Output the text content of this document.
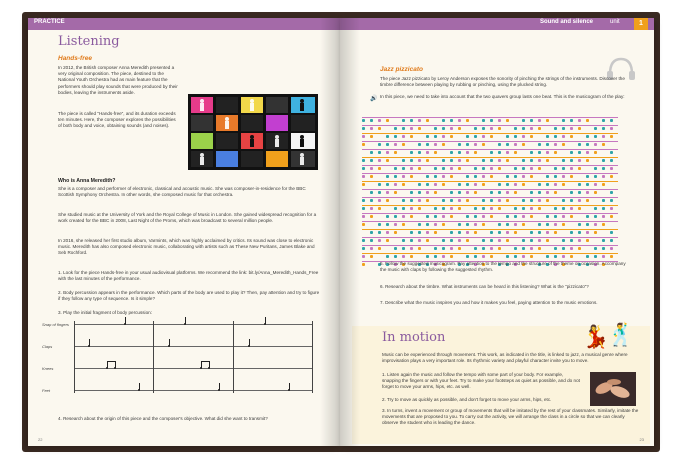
PRACTICE
Listening
Hands-free
In 2012, the British composer Anna Meredith presented a very original composition. The piece, destined to the National Youth Orchestra had as main feature that the performers should play sounds that were produced by their bodies, leaving the instruments aside.
The piece is called "Hands-free", and its duration exceeds ten minutes. Here, the composer explores the possibilities of both body and voice, obtaining sounds (and noises).
Who is Anna Meredith?
She is a composer and performer of electronic, classical and acoustic music. She was composer-in-residence for the BBC Scottish Symphony Orchestra. In other words, she composed music for that orchestra.
She studied music at the University of York and the Royal College of Music in London. She gained widespread recognition for a work created for the BBC in 2008, Last Night of the Proms, which was broadcast to several million people.
In 2016, she released her first studio album, Varmints, which was highly acclaimed by critics. Its sound was close to electronic music. Meredith has also composed electronic music, collaborating with artists such as These New Puritans, James Blake and Seb Rochford.
1. Look for the piece Hands-free in your usual audiovisual platforms. We recommend the link: bit.ly/Anna_Meredith_Hands_Free with the last minutes of the performance.
2. Body percussion appears in the performance. Which parts of the body are used to play it? Then, pay attention and try to figure if they follow any type of sequence. Is it simple?
3. Play the initial fragment of body percussion:
Snap of fingers
Claps
Knees
Feet
4. Research about the origin of this piece and the composer's objective. What did she want to transmit?
22
Sound and silence	unit	1
Jazz pizzicato
The piece Jazz pizzicato by Leroy Anderson exposes the sonority of pinching the strings of the instruments. Discover the timbre difference between playing by rubbing or pinching, using the plucked string.
In this piece, we need to take into account that the two quavers group lasts one beat. This is the musicogram of the play:
🔊
5. Follow the suggested musicogram. Pay attention to the tempo and the structure of the theme on occasion. Accompany the music with claps by following the suggested rhythm.
6. Research about the timbre. What instruments can be heard in this listening? What is the "pizzicato"?
7. Describe what the music inspires you and how it makes you feel, paying attention to the music emotions.
In motion	💃
🕺
Music can be experienced through movement. This work, as indicated in the title, is linked to jazz, a musical genre where improvisation plays a very important role. Its rhythmic variety and playful character invite you to move.
1. Listen again the music and follow the tempo with some part of your body. For example, snapping the fingers or with your feet. Try to make your footsteps as quiet as possible, and do not forget to move your arms, hips, etc. as well.
2. Try to move as quickly as possible, and don't forget to move your arms, hips, etc.
3. In turns, invent a movement or group of movements that will be imitated by the rest of your classmates. Similarly, imitate the movements that are proposed to you. To carry out the activity, we will arrange the class in a circle so that we can clearly observe the student who is leading the dance.
23
